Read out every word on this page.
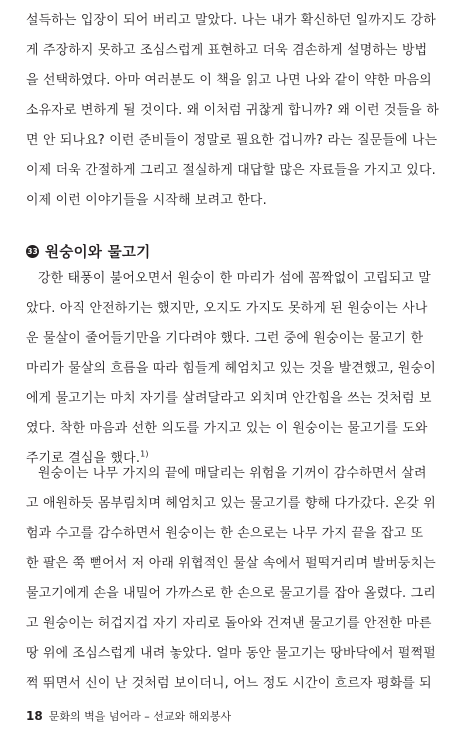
설득하는 입장이 되어 버리고 말았다. 나는 내가 확신하던 일까지도 강하
게 주장하지 못하고 조심스럽게 표현하고 더욱 겸손하게 설명하는 방법
을 선택하였다. 아마 여러분도 이 책을 읽고 나면 나와 같이 약한 마음의
소유자로 변하게 될 것이다. 왜 이처럼 귀찮게 합니까? 왜 이런 것들을 하
면 안 되나요? 이런 준비들이 정말로 필요한 겁니까? 라는 질문들에 나는
이제 더욱 간절하게 그리고 절실하게 대답할 많은 자료들을 가지고 있다.
이제 이런 이야기들을 시작해 보려고 한다.
33 원숭이와 물고기
강한 태풍이 불어오면서 원숭이 한 마리가 섬에 꼼짝없이 고립되고 말
았다. 아직 안전하기는 했지만, 오지도 가지도 못하게 된 원숭이는 사나
운 물살이 줄어들기만을 기다려야 했다. 그런 중에 원숭이는 물고기 한
마리가 물살의 흐름을 따라 힘들게 헤엄치고 있는 것을 발견했고, 원숭이
에게 물고기는 마치 자기를 살려달라고 외치며 안간힘을 쓰는 것처럼 보
였다. 착한 마음과 선한 의도를 가지고 있는 이 원숭이는 물고기를 도와
주기로 결심을 했다.$^{1)}$
원숭이는 나무 가지의 끝에 매달리는 위험을 기꺼이 감수하면서 살려
고 애원하듯 몸부림치며 헤엄치고 있는 물고기를 향해 다가갔다. 온갖 위
험과 수고를 감수하면서 원숭이는 한 손으로는 나무 가지 끝을 잡고 또
한 팔은 쭉 뻗어서 저 아래 위협적인 물살 속에서 펄떡거리며 발버둥치는
물고기에게 손을 내밀어 가까스로 한 손으로 물고기를 잡아 올렸다. 그리
고 원숭이는 허겁지겁 자기 자리로 돌아와 건져낸 물고기를 안전한 마른
땅 위에 조심스럽게 내려 놓았다. 얼마 동안 물고기는 땅바닥에서 펄쩍펄
쩍 뛰면서 신이 난 것처럼 보이더니, 어느 정도 시간이 흐르자 평화를 되
18 문화의 벽을 넘어라 – 선교와 해외봉사
